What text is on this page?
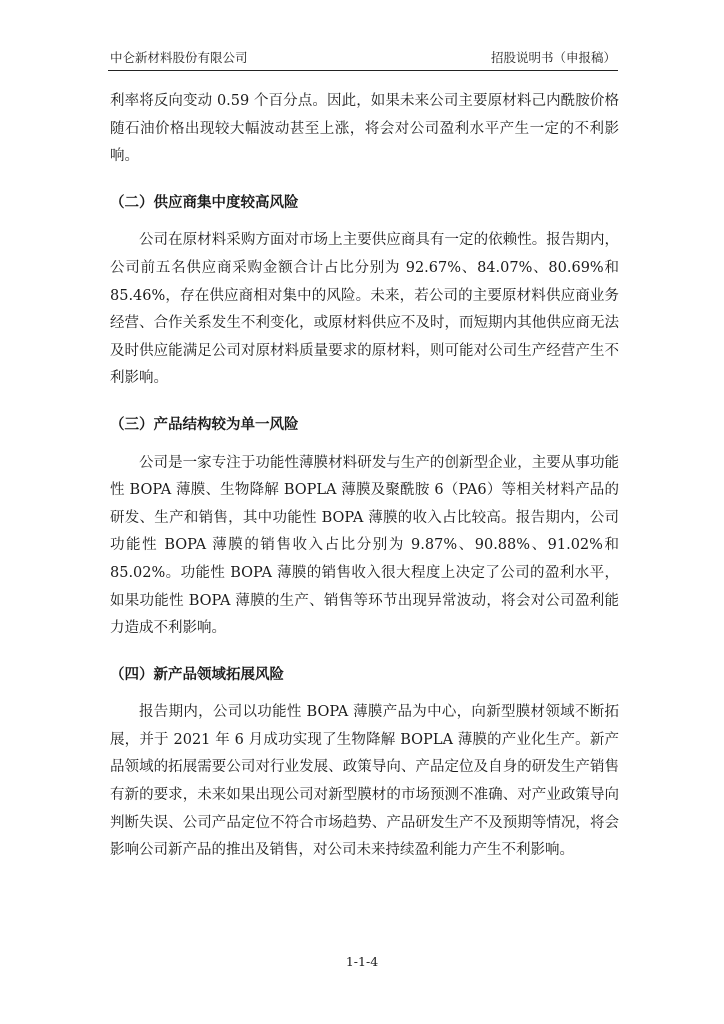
中仑新材料股份有限公司	招股说明书（申报稿）

利率将反向变动 0.59 个百分点。因此，如果未来公司主要原材料己内酰胺价格随石油价格出现较大幅波动甚至上涨，将会对公司盈利水平产生一定的不利影响。

（二）供应商集中度较高风险

公司在原材料采购方面对市场上主要供应商具有一定的依赖性。报告期内，公司前五名供应商采购金额合计占比分别为 92.67%、84.07%、80.69%和 85.46%，存在供应商相对集中的风险。未来，若公司的主要原材料供应商业务经营、合作关系发生不利变化，或原材料供应不及时，而短期内其他供应商无法及时供应能满足公司对原材料质量要求的原材料，则可能对公司生产经营产生不利影响。

（三）产品结构较为单一风险

公司是一家专注于功能性薄膜材料研发与生产的创新型企业，主要从事功能性 BOPA 薄膜、生物降解 BOPLA 薄膜及聚酰胺 6（PA6）等相关材料产品的研发、生产和销售，其中功能性 BOPA 薄膜的收入占比较高。报告期内，公司功能性 BOPA 薄膜的销售收入占比分别为 9.87%、90.88%、91.02%和 85.02%。功能性 BOPA 薄膜的销售收入很大程度上决定了公司的盈利水平，如果功能性 BOPA 薄膜的生产、销售等环节出现异常波动，将会对公司盈利能力造成不利影响。

（四）新产品领域拓展风险

报告期内，公司以功能性 BOPA 薄膜产品为中心，向新型膜材领域不断拓展，并于 2021 年 6 月成功实现了生物降解 BOPLA 薄膜的产业化生产。新产品领域的拓展需要公司对行业发展、政策导向、产品定位及自身的研发生产销售有新的要求，未来如果出现公司对新型膜材的市场预测不准确、对产业政策导向判断失误、公司产品定位不符合市场趋势、产品研发生产不及预期等情况，将会影响公司新产品的推出及销售，对公司未来持续盈利能力产生不利影响。

1-1-4
